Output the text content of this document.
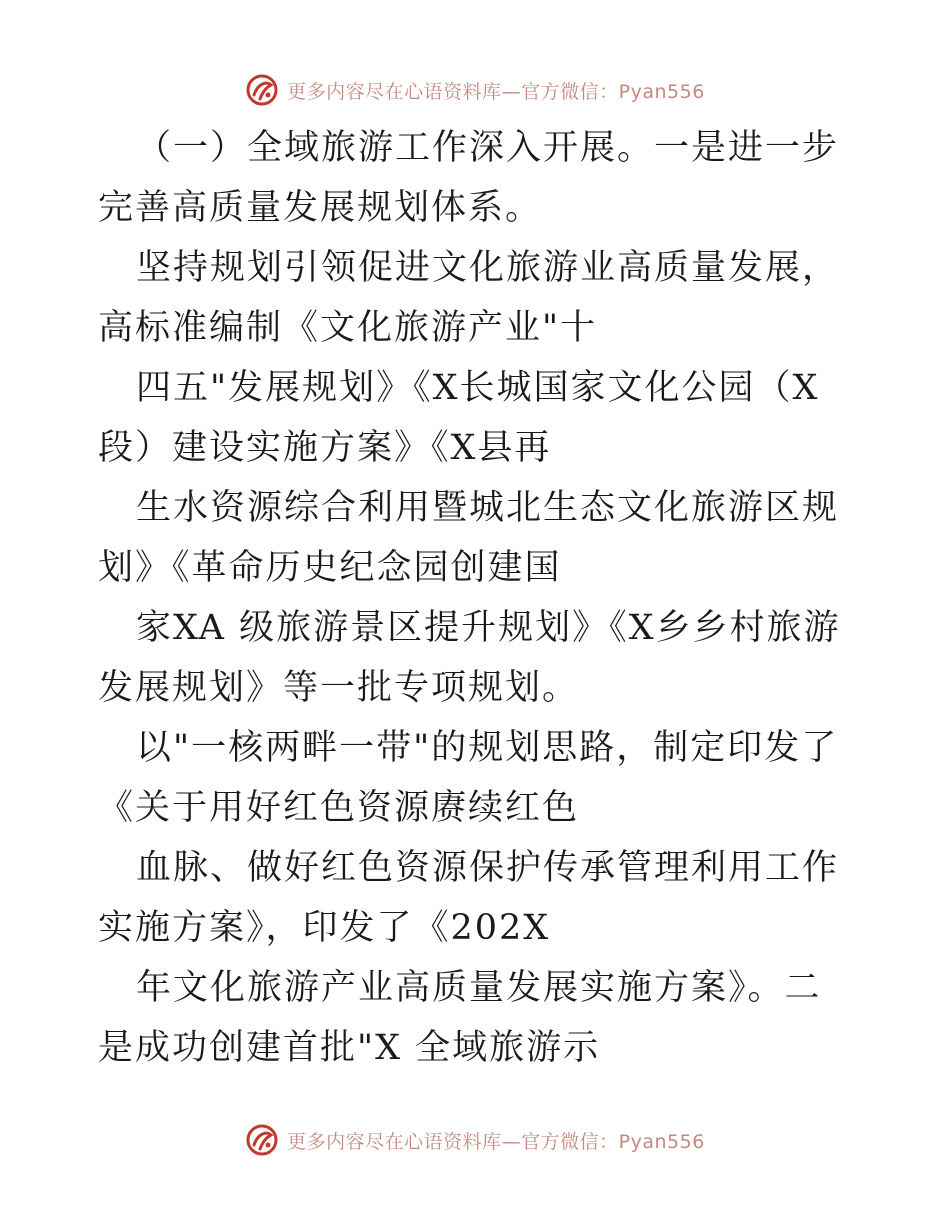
更多内容尽在心语资料库—官方微信：Pyan556

（一）全域旅游工作深入开展。一是进一步完善高质量发展规划体系。

坚持规划引领促进文化旅游业高质量发展，高标准编制《文化旅游产业"十

四五"发展规划》《X长城国家文化公园（X段）建设实施方案》《X县再

生水资源综合利用暨城北生态文化旅游区规划》《革命历史纪念园创建国

家XA 级旅游景区提升规划》《X乡乡村旅游发展规划》等一批专项规划。

以"一核两畔一带"的规划思路，制定印发了《关于用好红色资源赓续红色

血脉、做好红色资源保护传承管理利用工作实施方案》，印发了《202X

年文化旅游产业高质量发展实施方案》。二是成功创建首批"X 全域旅游示

更多内容尽在心语资料库—官方微信：Pyan556
